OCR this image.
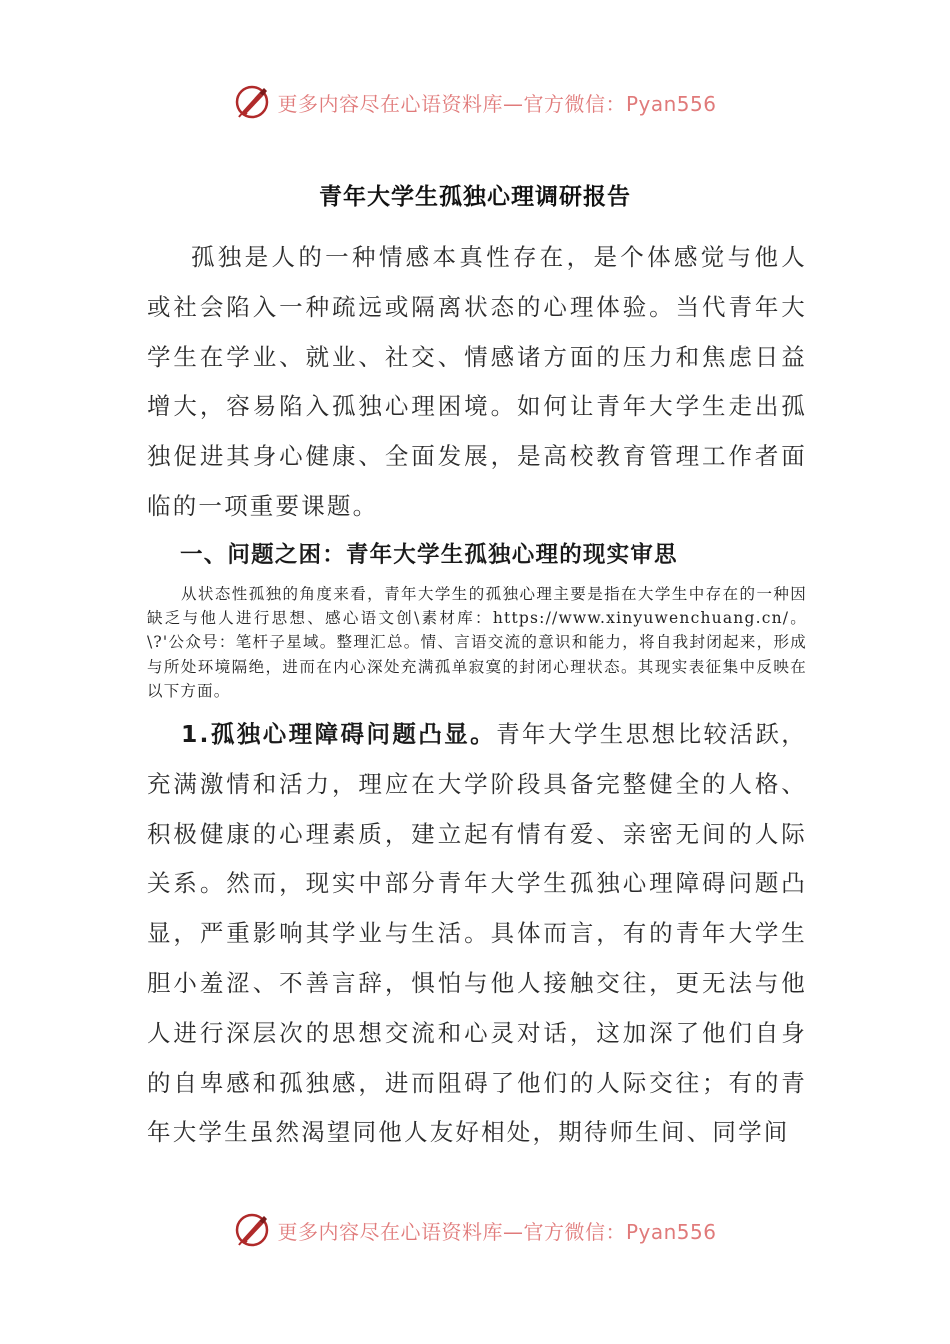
更多内容尽在心语资料库—官方微信：Pyan556
青年大学生孤独心理调研报告

孤独是人的一种情感本真性存在，是个体感觉与他人或社会陷入一种疏远或隔离状态的心理体验。当代青年大学生在学业、就业、社交、情感诸方面的压力和焦虑日益增大，容易陷入孤独心理困境。如何让青年大学生走出孤独促进其身心健康、全面发展，是高校教育管理工作者面临的一项重要课题。

一、问题之困：青年大学生孤独心理的现实审思

从状态性孤独的角度来看，青年大学生的孤独心理主要是指在大学生中存在的一种因缺乏与他人进行思想、感心语文创\素材库：https://www.xinyuwenchuang.cn/。\?'公众号：笔杆子星域。整理汇总。情、言语交流的意识和能力，将自我封闭起来，形成与所处环境隔绝，进而在内心深处充满孤单寂寞的封闭心理状态。其现实表征集中反映在以下方面。

1.孤独心理障碍问题凸显。青年大学生思想比较活跃，充满激情和活力，理应在大学阶段具备完整健全的人格、积极健康的心理素质，建立起有情有爱、亲密无间的人际关系。然而，现实中部分青年大学生孤独心理障碍问题凸显，严重影响其学业与生活。具体而言，有的青年大学生胆小羞涩、不善言辞，惧怕与他人接触交往，更无法与他人进行深层次的思想交流和心灵对话，这加深了他们自身的自卑感和孤独感，进而阻碍了他们的人际交往；有的青年大学生虽然渴望同他人友好相处，期待师生间、同学间

更多内容尽在心语资料库—官方微信：Pyan556
